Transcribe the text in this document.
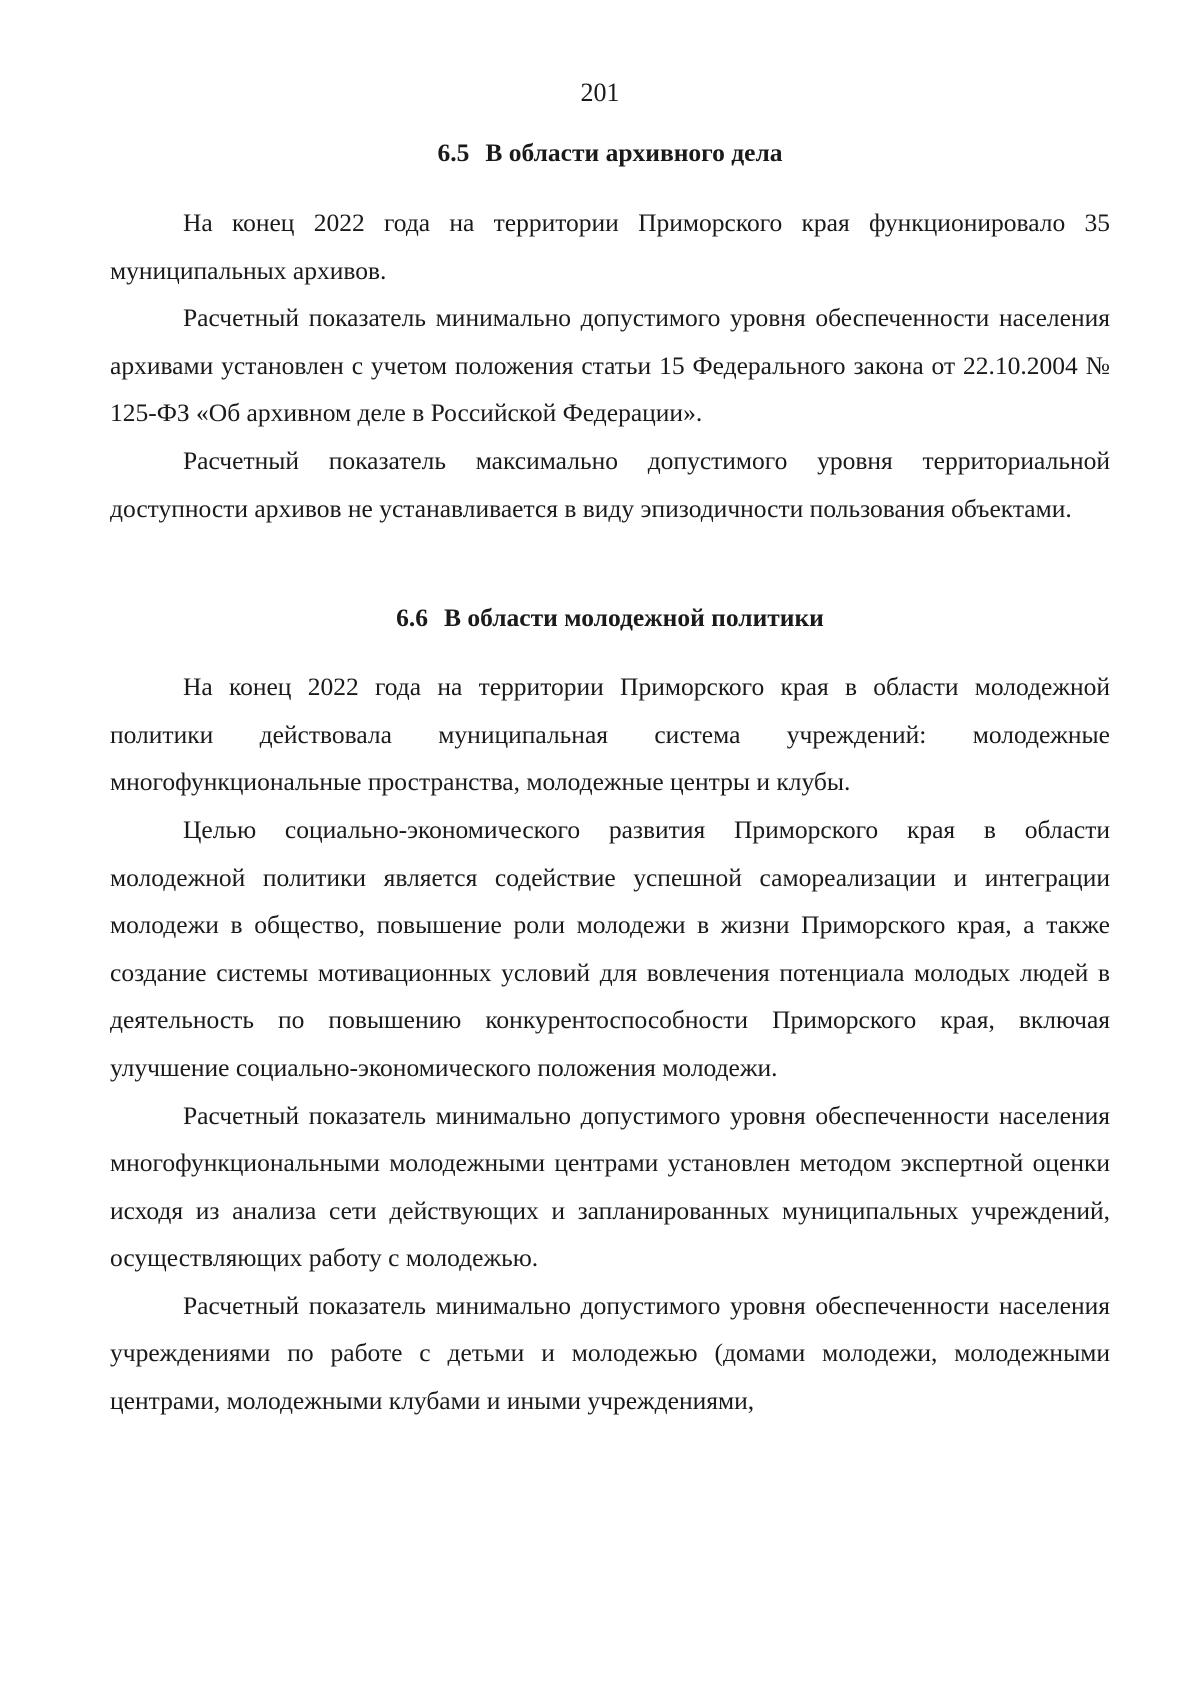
201
6.5 В области архивного дела

На конец 2022 года на территории Приморского края функционировало 35 муниципальных архивов.

Расчетный показатель минимально допустимого уровня обеспеченности населения архивами установлен с учетом положения статьи 15 Федерального закона от 22.10.2004 № 125-ФЗ «Об архивном деле в Российской Федерации».

Расчетный показатель максимально допустимого уровня территориальной доступности архивов не устанавливается в виду эпизодичности пользования объектами.

6.6 В области молодежной политики

На конец 2022 года на территории Приморского края в области молодежной политики действовала муниципальная система учреждений: молодежные многофункциональные пространства, молодежные центры и клубы.

Целью социально-экономического развития Приморского края в области молодежной политики является содействие успешной самореализации и интеграции молодежи в общество, повышение роли молодежи в жизни Приморского края, а также создание системы мотивационных условий для вовлечения потенциала молодых людей в деятельность по повышению конкурентоспособности Приморского края, включая улучшение социально-экономического положения молодежи.

Расчетный показатель минимально допустимого уровня обеспеченности населения многофункциональными молодежными центрами установлен методом экспертной оценки исходя из анализа сети действующих и запланированных муниципальных учреждений, осуществляющих работу с молодежью.

Расчетный показатель минимально допустимого уровня обеспеченности населения учреждениями по работе с детьми и молодежью (домами молодежи, молодежными центрами, молодежными клубами и иными учреждениями,
